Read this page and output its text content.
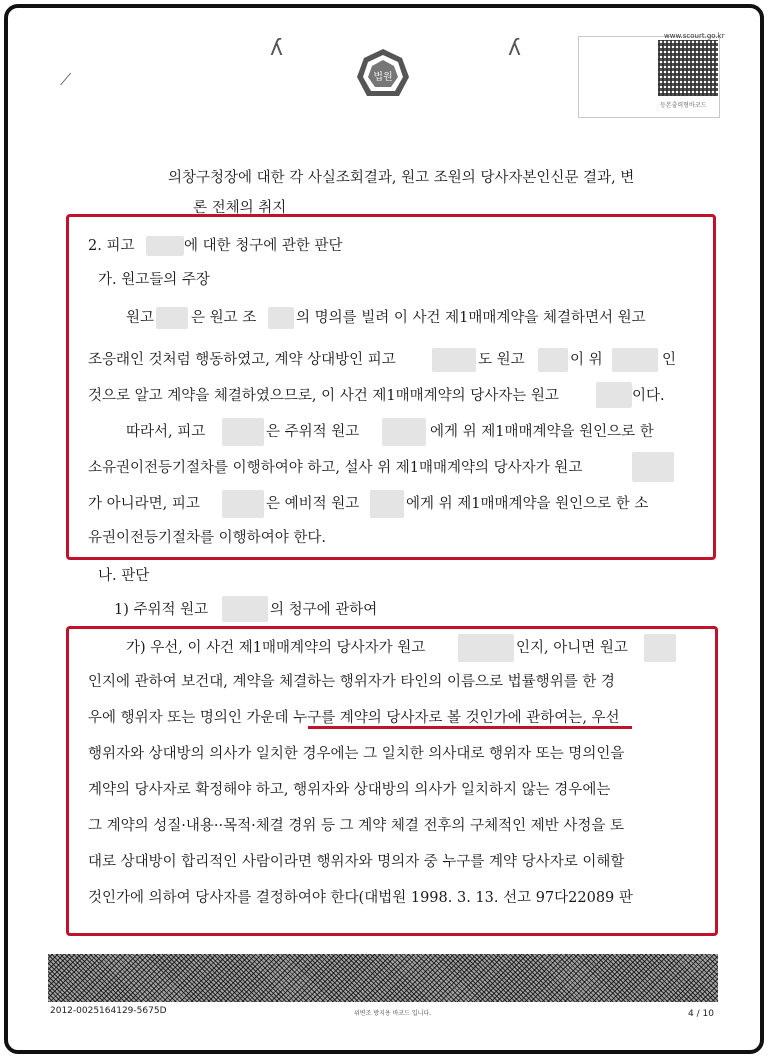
법원
www.scourt.go.kr
등본출력형바코드
ʎ	ʎ
⟋
의창구청장에 대한 각 사실조회결과, 원고 조원의 당사자본인신문 결과, 변
론 전체의 취지
2. 피고	에 대한 청구에 관한 판단
가. 원고들의 주장
원고	은 원고 조	의 명의를 빌려 이 사건 제1매매계약을 체결하면서 원고
조응래인 것처럼 행동하였고, 계약 상대방인 피고	도 원고	이 위	인
것으로 알고 계약을 체결하였으므로, 이 사건 제1매매계약의 당사자는 원고	이다.
따라서, 피고	은 주위적 원고	에게 위 제1매매계약을 원인으로 한
소유권이전등기절차를 이행하여야 하고, 설사 위 제1매매계약의 당사자가 원고
가 아니라면, 피고	은 예비적 원고	에게 위 제1매매계약을 원인으로 한 소
유권이전등기절차를 이행하여야 한다.
나. 판단
1) 주위적 원고	의 청구에 관하여
가) 우선, 이 사건 제1매매계약의 당사자가 원고	인지, 아니면 원고
인지에 관하여 보건대, 계약을 체결하는 행위자가 타인의 이름으로 법률행위를 한 경
우에 행위자 또는 명의인 가운데 누구를 계약의 당사자로 볼 것인가에 관하여는, 우선
행위자와 상대방의 의사가 일치한 경우에는 그 일치한 의사대로 행위자 또는 명의인을
계약의 당사자로 확정해야 하고, 행위자와 상대방의 의사가 일치하지 않는 경우에는
그 계약의 성질·내용··목적·체결 경위 등 그 계약 체결 전후의 구체적인 제반 사정을 토
대로 상대방이 합리적인 사람이라면 행위자와 명의자 중 누구를 계약 당사자로 이해할
것인가에 의하여 당사자를 결정하여야 한다(대법원 1998. 3. 13. 선고 97다22089 판
2012-0025164129-5675D	위변조 방지용 바코드 입니다.	4 / 10
